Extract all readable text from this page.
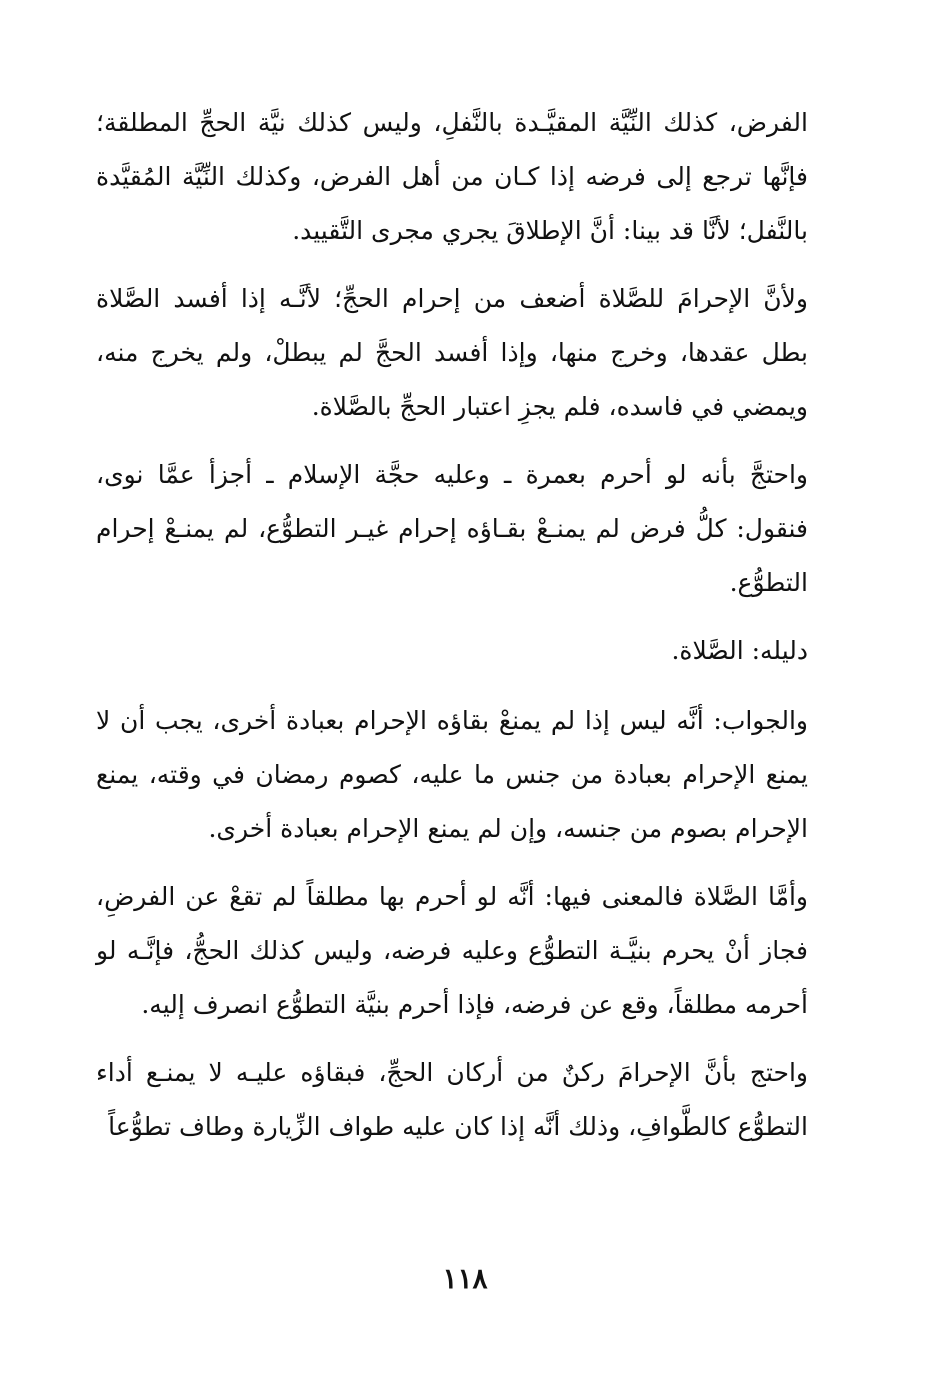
الفرض، كذلك النِّيَّة المقيَّـدة بالنَّفلِ، وليس كذلك نيَّة الحجِّ المطلقة؛ فإنَّها ترجع إلى فرضه إذا كـان من أهل الفرض، وكذلك النِّيَّة المُقيَّدة بالنَّفل؛ لأنَّا قد بينا: أنَّ الإطلاقَ يجري مجرى التَّقييد.

ولأنَّ الإحرامَ للصَّلاة أضعف من إحرام الحجِّ؛ لأنَّـه إذا أفسد الصَّلاة بطل عقدها، وخرج منها، وإذا أفسد الحجَّ لم يبطلْ، ولم يخرج منه، ويمضي في فاسده، فلم يجزِ اعتبار الحجِّ بالصَّلاة.

واحتجَّ بأنه لو أحرم بعمرة ـ وعليه حجَّة الإسلام ـ أجزأ عمَّا نوى، فنقول: كلُّ فرض لم يمنـعْ بقـاؤه إحرام غيـر التطوُّع، لم يمنـعْ إحرام التطوُّع.

دليله: الصَّلاة.

والجواب: أنَّه ليس إذا لم يمنعْ بقاؤه الإحرام بعبادة أخرى، يجب أن لا يمنع الإحرام بعبادة من جنس ما عليه، كصوم رمضان في وقته، يمنع الإحرام بصوم من جنسه، وإن لم يمنع الإحرام بعبادة أخرى.

وأمَّا الصَّلاة فالمعنى فيها: أنَّه لو أحرم بها مطلقاً لم تقعْ عن الفرضِ، فجاز أنْ يحرم بنيَّـة التطوُّع وعليه فرضه، وليس كذلك الحجُّ، فإنَّـه لو أحرمه مطلقاً، وقع عن فرضه، فإذا أحرم بنيَّة التطوُّع انصرف إليه.

واحتج بأنَّ الإحرامَ ركنٌ من أركان الحجِّ، فبقاؤه عليـه لا يمنـع أداء التطوُّع كالطَّوافِ، وذلك أنَّه إذا كان عليه طواف الزِّيارة وطاف تطوُّعاً

١١٨
